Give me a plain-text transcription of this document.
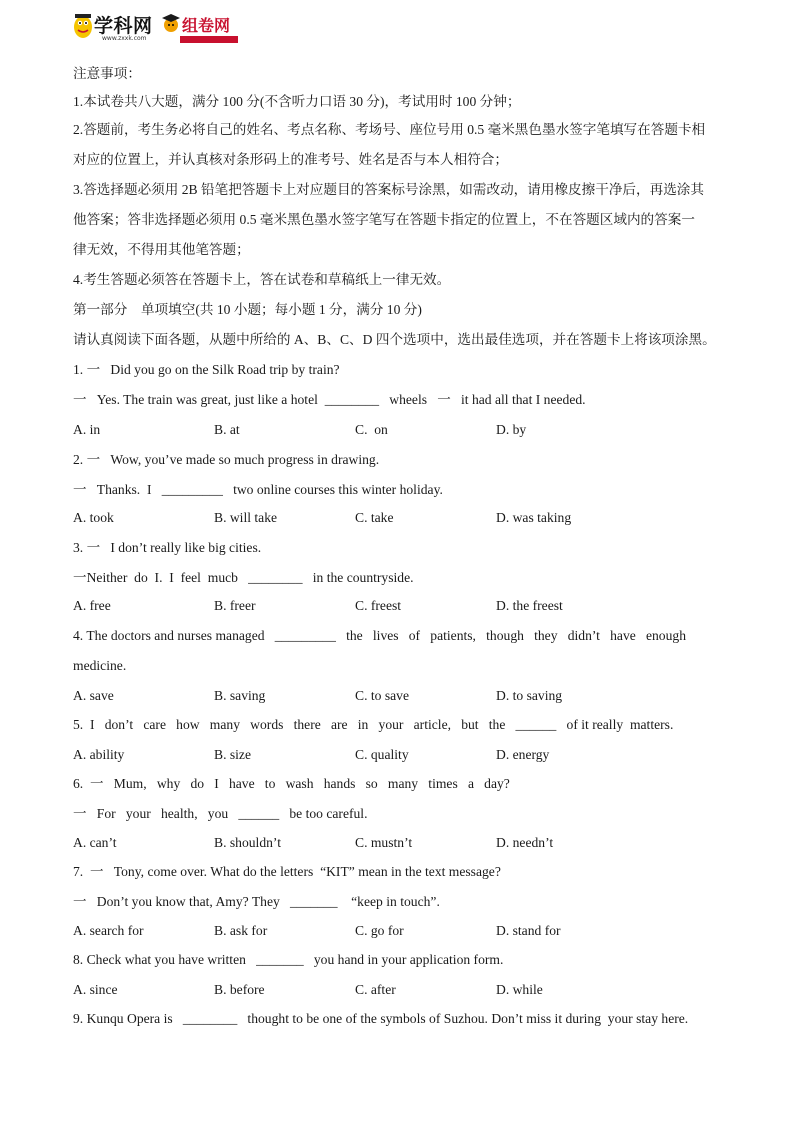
学科网
www.zxxk.com
组卷网
注意事项：
1.本试卷共八大题，满分 100 分(不含听力口语 30 分)，考试用时 100 分钟；
2.答题前，考生务必将自己的姓名、考点名称、考场号、座位号用 0.5 毫米黑色墨水签字笔填写在答题卡相
对应的位置上，并认真核对条形码上的准考号、姓名是否与本人相符合；
3.答选择题必须用 2B 铅笔把答题卡上对应题目的答案标号涂黑，如需改动，请用橡皮擦干净后，再选涂其
他答案；答非选择题必须用 0.5 毫米黑色墨水签字笔写在答题卡指定的位置上，不在答题区域内的答案一
律无效，不得用其他笔答题；
4.考生答题必须答在答题卡上，答在试卷和草稿纸上一律无效。
第一部分    单项填空(共 10 小题；每小题 1 分，满分 10 分)
请认真阅读下面各题，从题中所给的 A、B、C、D 四个选项中，选出最佳选项，并在答题卡上将该项涂黑。
1. 一   Did you go on the Silk Road trip by train?
一   Yes. The train was great, just like a hotel  ________   wheels   一   it had all that I needed.
2. 一   Wow, you’ve made so much progress in drawing.
一   Thanks.  I   _________   two online courses this winter holiday.
3. 一   I don’t really like big cities.
一Neither  do  I.  I  feel  mucb   ________   in the countryside.
4. The doctors and nurses managed   _________   the   lives   of   patients,   though   they   didn’t   have   enough
medicine.
5.  I   don’t   care   how   many   words   there   are   in   your   article,   but   the   ______   of it really  matters.
6.  一   Mum,   why   do   I   have   to   wash   hands   so   many   times   a   day?
一   For   your   health,   you   ______   be too careful.
7.  一   Tony, come over. What do the letters  “KIT” mean in the text message?
一   Don’t you know that, Amy? They   _______    “keep in touch”.
8. Check what you have written   _______   you hand in your application form.
9. Kunqu Opera is   ________   thought to be one of the symbols of Suzhou. Don’t miss it during  your stay here.
A. in	B. at	C.  on	D. by
A. took	B. will take	C. take	D. was taking
A. free	B. freer	C. freest	D. the freest
A. save	B. saving	C. to save	D. to saving
A. ability	B. size	C. quality	D. energy
A. can’t	B. shouldn’t	C. mustn’t	D. needn’t
A. search for	B. ask for	C. go for	D. stand for
A. since	B. before	C. after	D. while
